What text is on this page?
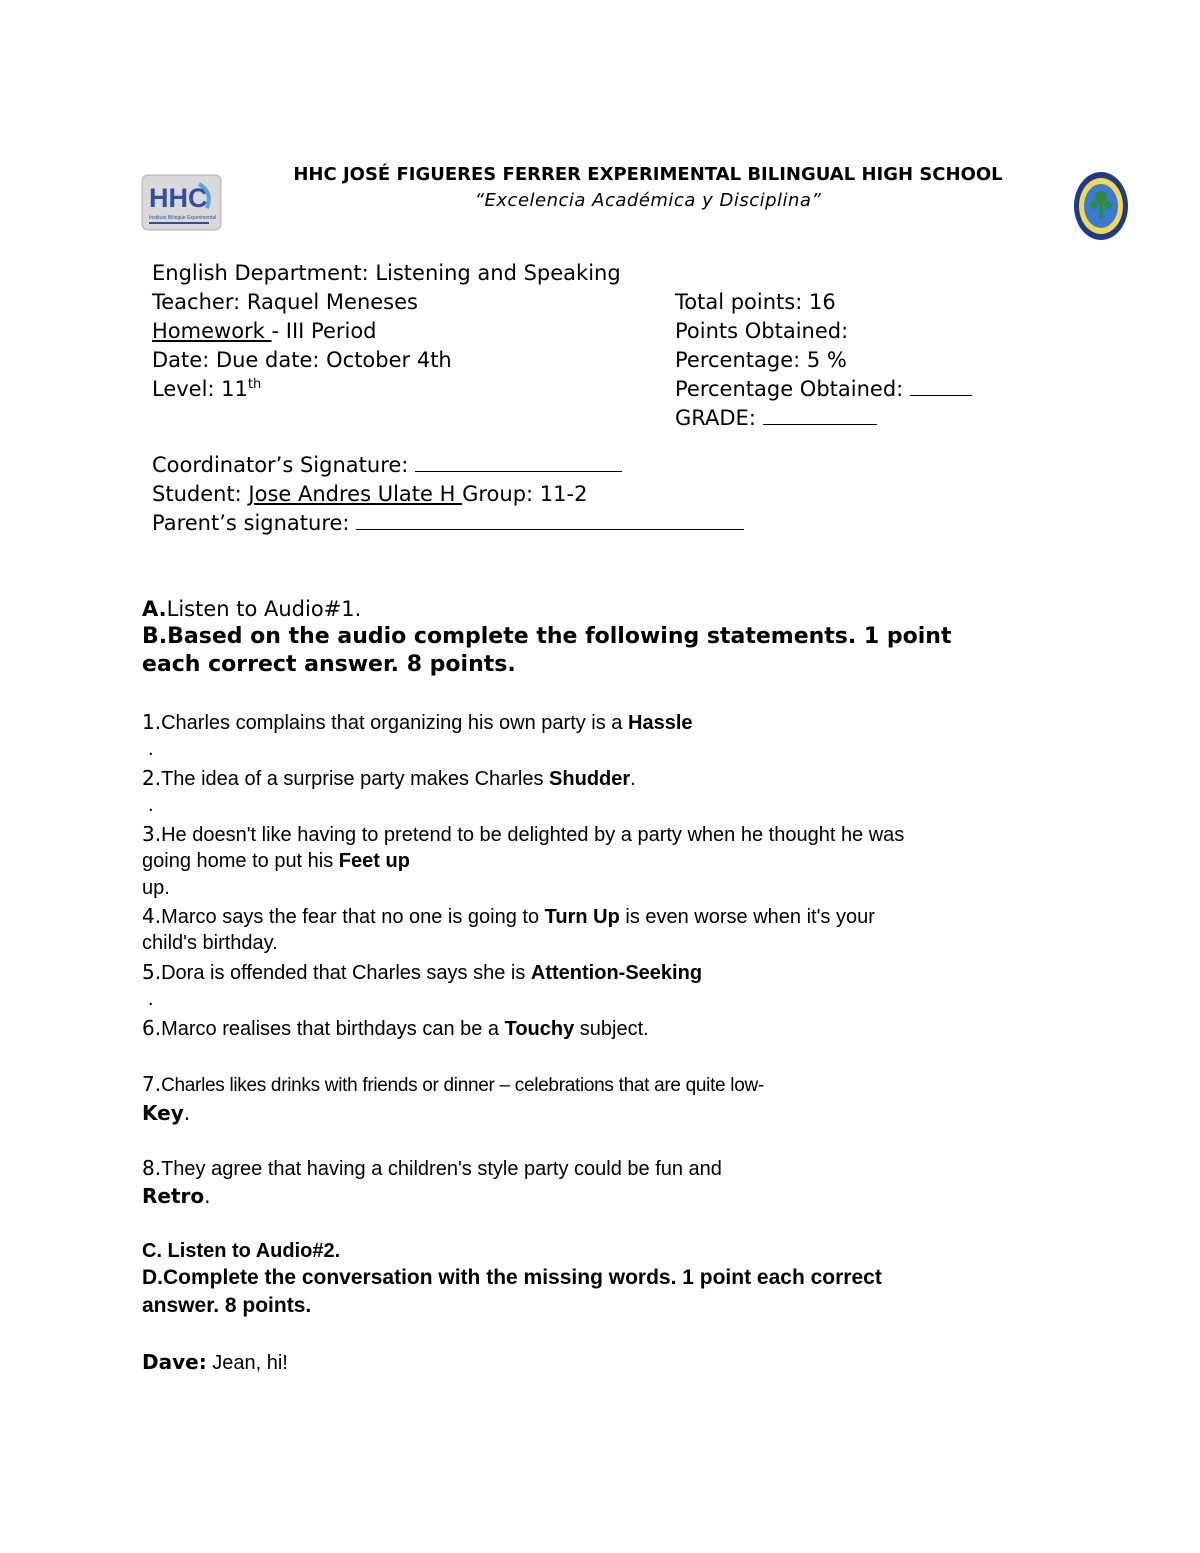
HHC JOSÉ FIGUERES FERRER EXPERIMENTAL BILINGUAL HIGH SCHOOL
“Excelencia Académica y Disciplina”
HHC
Instituto Bilingüe Experimental
English Department: Listening and Speaking
Teacher: Raquel Meneses
Homework - III Period
Date: Due date: October 4th
Level: 11th
Total points: 16
Points Obtained:
Percentage: 5 %
Percentage Obtained:
GRADE:
Coordinator’s Signature:
Student: Jose Andres Ulate H Group: 11-2
Parent’s signature:
A.Listen to Audio#1.
B.Based on the audio complete the following statements. 1 point
each correct answer. 8 points.
1.Charles complains that organizing his own party is a Hassle
.
2.The idea of a surprise party makes Charles Shudder.
.
3.He doesn't like having to pretend to be delighted by a party when he thought he was
going home to put his Feet up
up.
4.Marco says the fear that no one is going to Turn Up is even worse when it's your
child's birthday.
5.Dora is offended that Charles says she is Attention-Seeking
.
6.Marco realises that birthdays can be a Touchy subject.
7.Charles likes drinks with friends or dinner – celebrations that are quite low-
Key.
8.They agree that having a children's style party could be fun and
Retro.
C. Listen to Audio#2.
D.Complete the conversation with the missing words. 1 point each correct
answer. 8 points.
Dave: Jean, hi!
